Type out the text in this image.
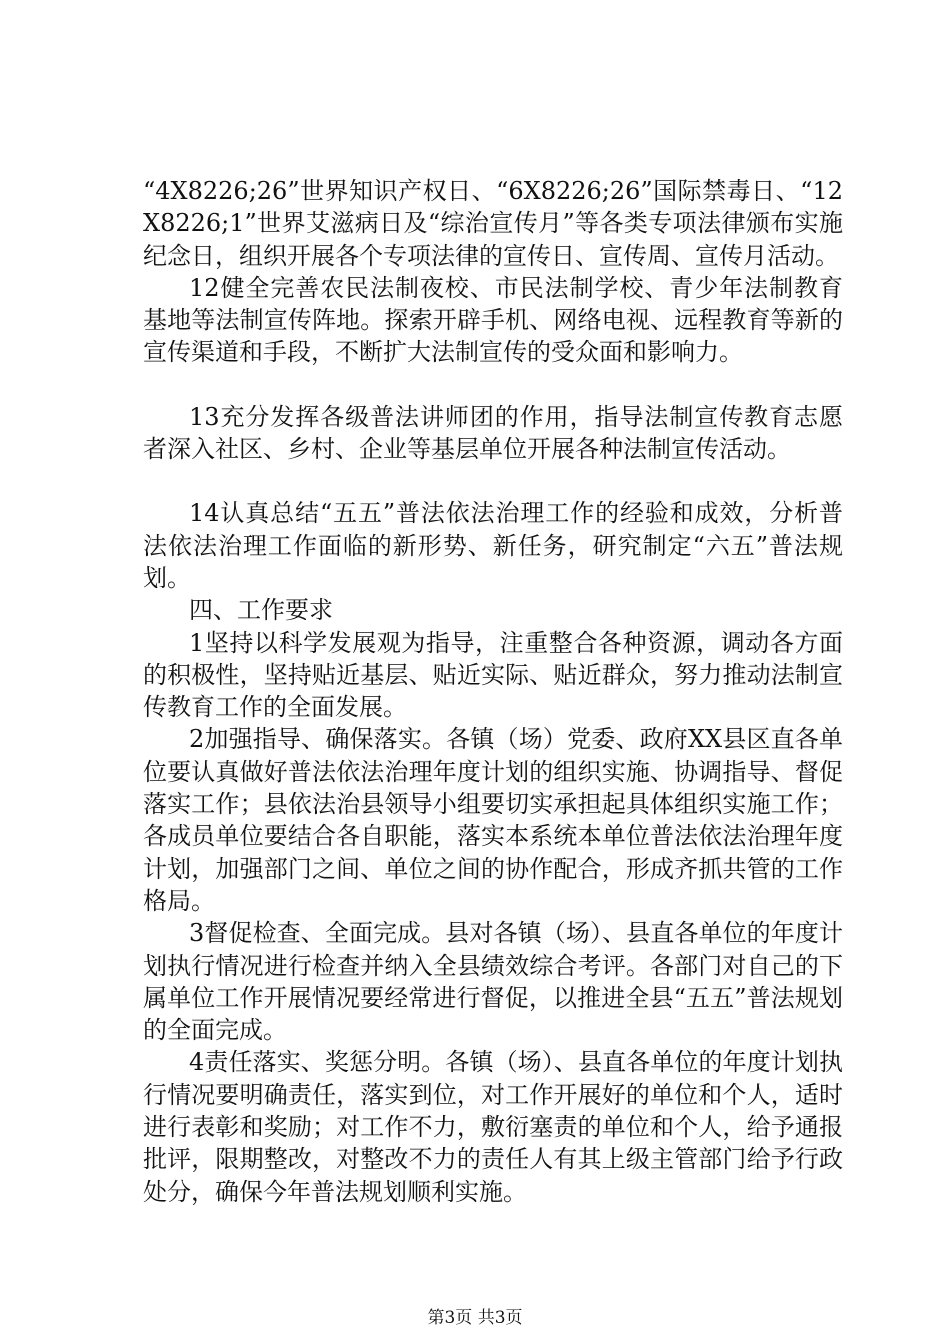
“4X8226;26”世界知识产权日、“6X8226;26”国际禁毒日、“12X8226;1”世界艾滋病日及“综治宣传月”等各类专项法律颁布实施纪念日，组织开展各个专项法律的宣传日、宣传周、宣传月活动。

12健全完善农民法制夜校、市民法制学校、青少年法制教育基地等法制宣传阵地。探索开辟手机、网络电视、远程教育等新的宣传渠道和手段，不断扩大法制宣传的受众面和影响力。

13充分发挥各级普法讲师团的作用，指导法制宣传教育志愿者深入社区、乡村、企业等基层单位开展各种法制宣传活动。

14认真总结“五五”普法依法治理工作的经验和成效，分析普法依法治理工作面临的新形势、新任务，研究制定“六五”普法规划。

四、工作要求

1坚持以科学发展观为指导，注重整合各种资源，调动各方面的积极性，坚持贴近基层、贴近实际、贴近群众，努力推动法制宣传教育工作的全面发展。

2加强指导、确保落实。各镇（场）党委、政府XX县区直各单位要认真做好普法依法治理年度计划的组织实施、协调指导、督促落实工作；县依法治县领导小组要切实承担起具体组织实施工作；各成员单位要结合各自职能，落实本系统本单位普法依法治理年度计划，加强部门之间、单位之间的协作配合，形成齐抓共管的工作格局。

3督促检查、全面完成。县对各镇（场）、县直各单位的年度计划执行情况进行检查并纳入全县绩效综合考评。各部门对自己的下属单位工作开展情况要经常进行督促，以推进全县“五五”普法规划的全面完成。

4责任落实、奖惩分明。各镇（场）、县直各单位的年度计划执行情况要明确责任，落实到位，对工作开展好的单位和个人，适时进行表彰和奖励；对工作不力，敷衍塞责的单位和个人，给予通报批评，限期整改，对整改不力的责任人有其上级主管部门给予行政处分，确保今年普法规划顺利实施。

第3页 共3页
